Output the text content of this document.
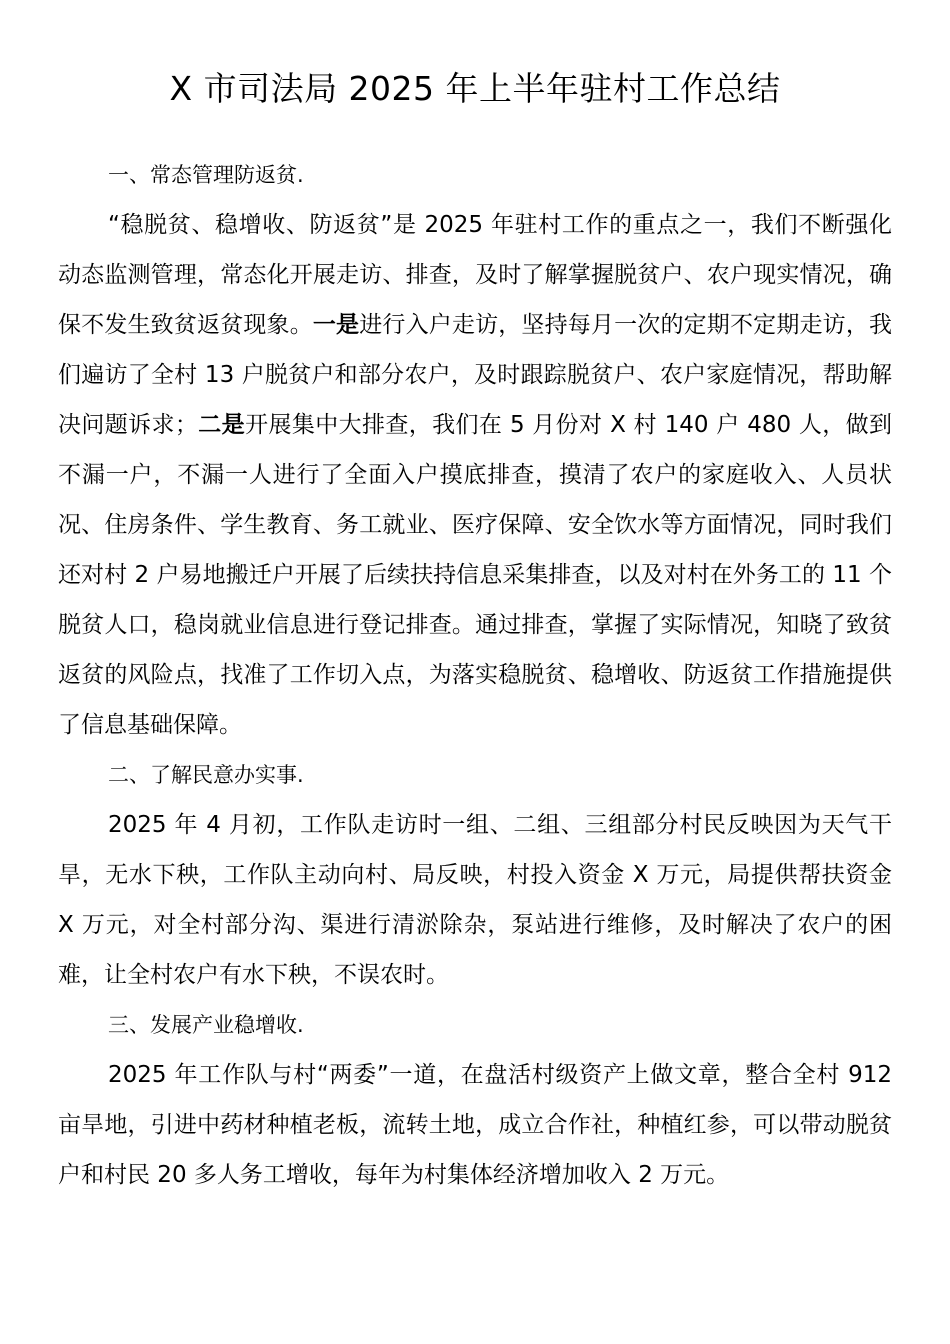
X 市司法局 2025 年上半年驻村工作总结

一、常态管理防返贫.

“稳脱贫、稳增收、防返贫”是 2025 年驻村工作的重点之一，我们不断强化动态监测管理，常态化开展走访、排查，及时了解掌握脱贫户、农户现实情况，确保不发生致贫返贫现象。一是进行入户走访，坚持每月一次的定期不定期走访，我们遍访了全村 13 户脱贫户和部分农户，及时跟踪脱贫户、农户家庭情况，帮助解决问题诉求；二是开展集中大排查，我们在 5 月份对 X 村 140 户 480 人，做到不漏一户，不漏一人进行了全面入户摸底排查，摸清了农户的家庭收入、人员状况、住房条件、学生教育、务工就业、医疗保障、安全饮水等方面情况，同时我们还对村 2 户易地搬迁户开展了后续扶持信息采集排查，以及对村在外务工的 11 个脱贫人口，稳岗就业信息进行登记排查。通过排查，掌握了实际情况，知晓了致贫返贫的风险点，找准了工作切入点，为落实稳脱贫、稳增收、防返贫工作措施提供了信息基础保障。

二、了解民意办实事.

2025 年 4 月初，工作队走访时一组、二组、三组部分村民反映因为天气干旱，无水下秧，工作队主动向村、局反映，村投入资金 X 万元，局提供帮扶资金 X 万元，对全村部分沟、渠进行清淤除杂，泵站进行维修，及时解决了农户的困难，让全村农户有水下秧，不误农时。

三、发展产业稳增收.

2025 年工作队与村“两委”一道，在盘活村级资产上做文章，整合全村 912 亩旱地，引进中药材种植老板，流转土地，成立合作社，种植红参，可以带动脱贫户和村民 20 多人务工增收，每年为村集体经济增加收入 2 万元。
